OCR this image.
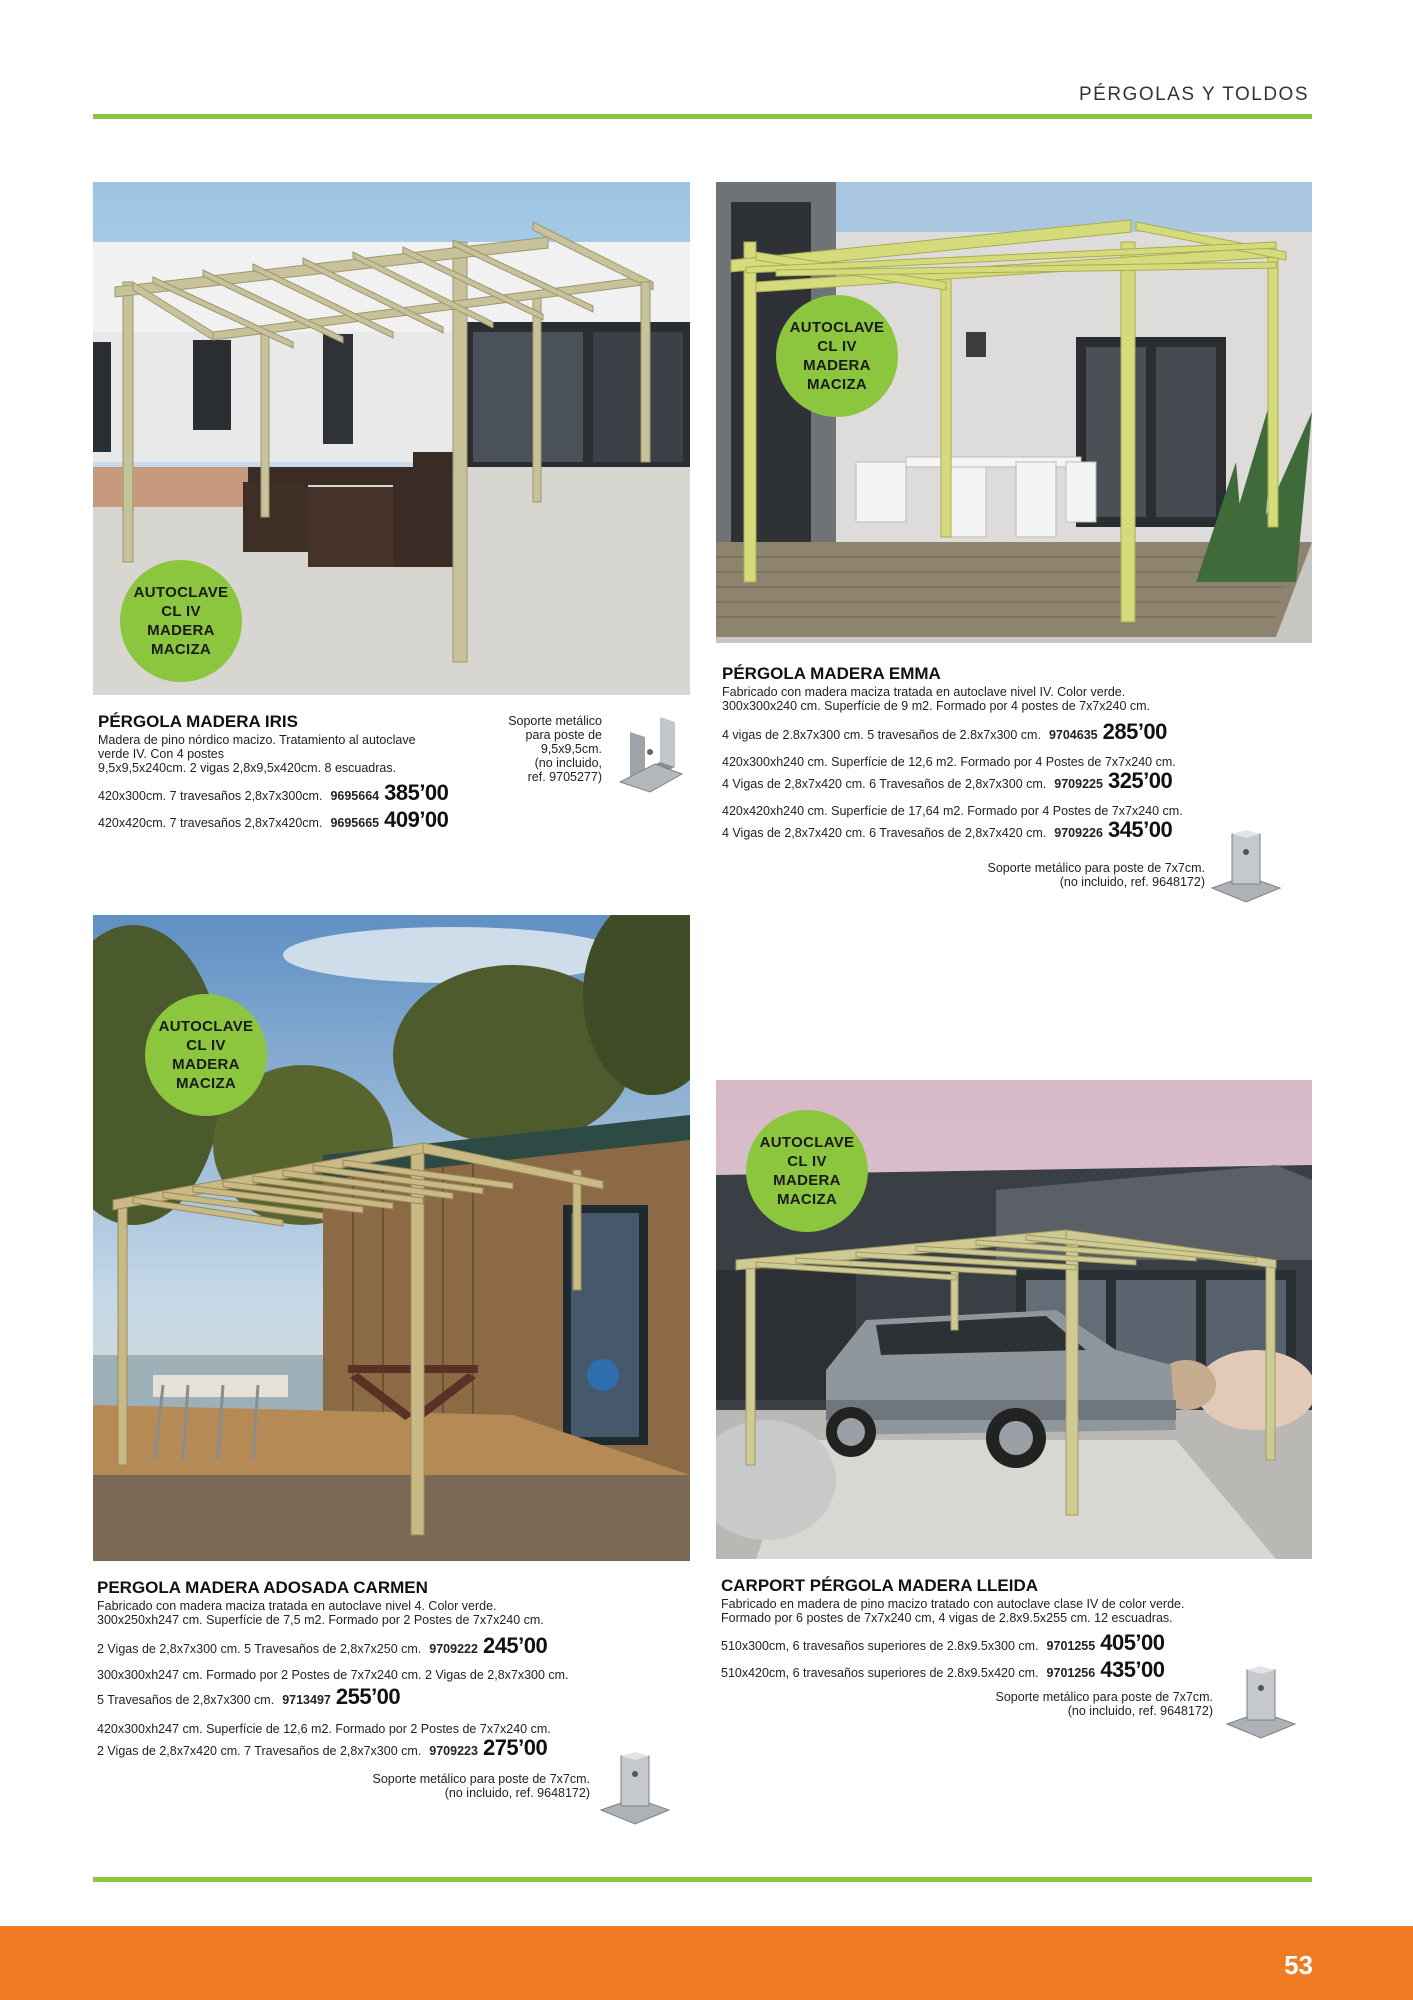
PÉRGOLAS Y TOLDOS
AUTOCLAVE
CL IV
MADERA
MACIZA
PÉRGOLA MADERA IRIS
Madera de pino nórdico macizo. Tratamiento al autoclave
verde IV. Con 4 postes
9,5x9,5x240cm. 2 vigas 2,8x9,5x420cm. 8 escuadras.
420x300cm. 7 travesaños 2,8x7x300cm. 9695664 385’00
420x420cm. 7 travesaños 2,8x7x420cm. 9695665 409’00
Soporte metálico
para poste de
9,5x9,5cm.
(no incluido,
ref. 9705277)
AUTOCLAVE
CL IV
MADERA
MACIZA
PÉRGOLA MADERA EMMA
Fabricado con madera maciza tratada en autoclave nivel IV. Color verde.
300x300x240 cm. Superfície de 9 m2. Formado por 4 postes de 7x7x240 cm.
4 vigas de 2.8x7x300 cm. 5 travesaños de 2.8x7x300 cm. 9704635 285’00
420x300xh240 cm. Superfície de 12,6 m2. Formado por 4 Postes de 7x7x240 cm.
4 Vigas de 2,8x7x420 cm. 6 Travesaños de 2,8x7x300 cm. 9709225 325’00
420x420xh240 cm. Superfície de 17,64 m2. Formado por 4 Postes de 7x7x240 cm.
4 Vigas de 2,8x7x420 cm. 6 Travesaños de 2,8x7x420 cm. 9709226 345’00
Soporte metálico para poste de 7x7cm.
(no incluido, ref. 9648172)
AUTOCLAVE
CL IV
MADERA
MACIZA
PERGOLA MADERA ADOSADA CARMEN
Fabricado con madera maciza tratada en autoclave nivel 4. Color verde.
300x250xh247 cm. Superfície de 7,5 m2. Formado por 2 Postes de 7x7x240 cm.
2 Vigas de 2,8x7x300 cm. 5 Travesaños de 2,8x7x250 cm. 9709222 245’00
300x300xh247 cm. Formado por 2 Postes de 7x7x240 cm. 2 Vigas de 2,8x7x300 cm.
5 Travesaños de 2,8x7x300 cm. 9713497 255’00
420x300xh247 cm. Superfície de 12,6 m2. Formado por 2 Postes de 7x7x240 cm.
2 Vigas de 2,8x7x420 cm. 7 Travesaños de 2,8x7x300 cm. 9709223 275’00
Soporte metálico para poste de 7x7cm.
(no incluido, ref. 9648172)
AUTOCLAVE
CL IV
MADERA
MACIZA
CARPORT PÉRGOLA MADERA LLEIDA
Fabricado en madera de pino macizo tratado con autoclave clase IV de color verde.
Formado por 6 postes de 7x7x240 cm, 4 vigas de 2.8x9.5x255 cm. 12 escuadras.
510x300cm, 6 travesaños superiores de 2.8x9.5x300 cm. 9701255 405’00
510x420cm, 6 travesaños superiores de 2.8x9.5x420 cm. 9701256 435’00
Soporte metálico para poste de 7x7cm.
(no incluido, ref. 9648172)
53
